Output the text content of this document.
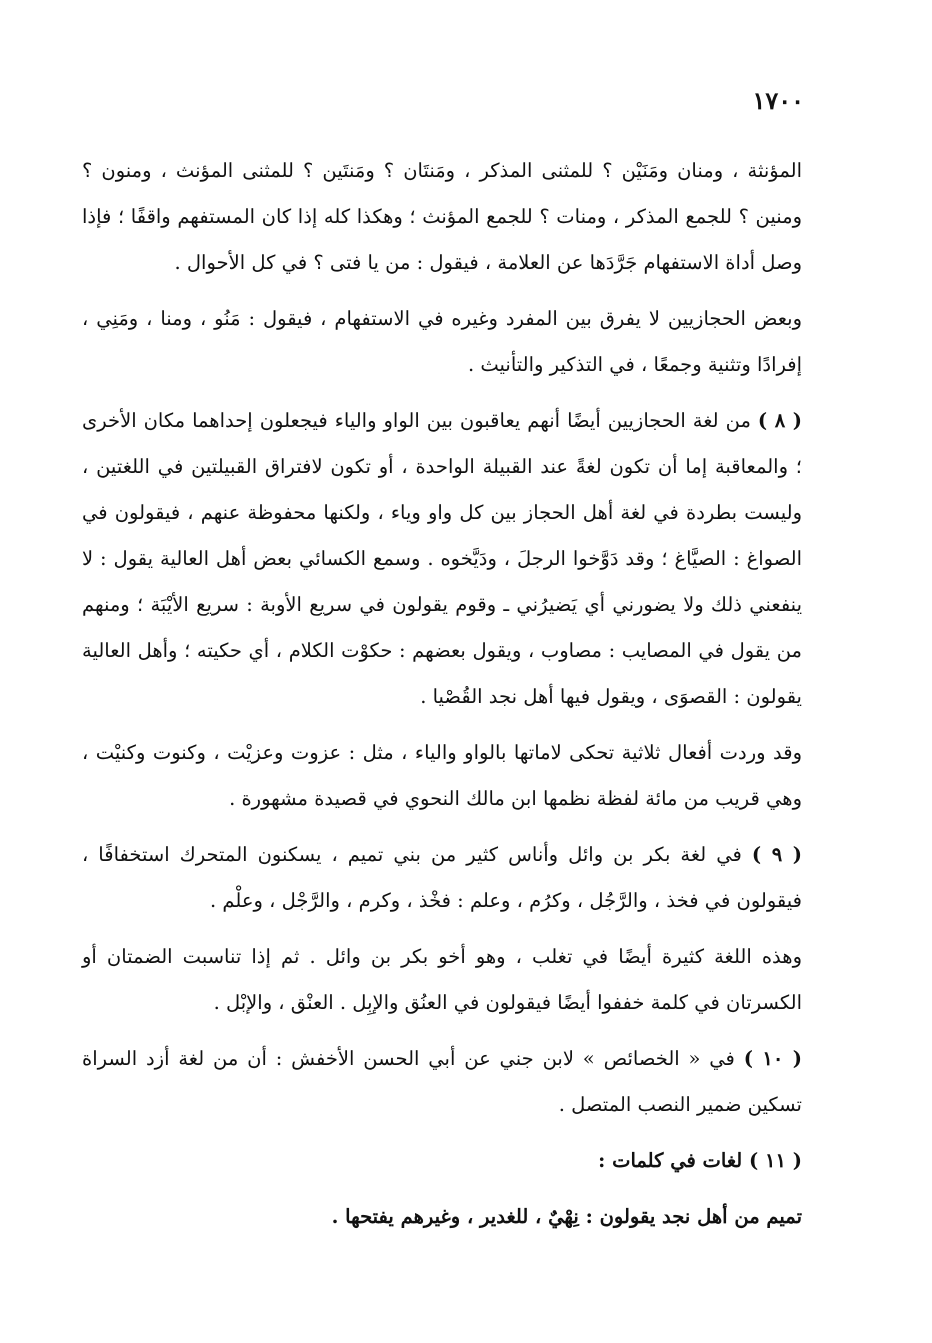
١٧٠٠

المؤنثة ، ومنان ومَنَيْن ؟ للمثنى المذكر ، ومَنتَان ؟ ومَنتَين ؟ للمثنى المؤنث ، ومنون ؟ ومنين ؟ للجمع المذكر ، ومنات ؟ للجمع المؤنث ؛ وهكذا كله إذا كان المستفهم واقفًا ؛ فإذا وصل أداة الاستفهام جَرَّدَها عن العلامة ، فيقول : من يا فتى ؟ في كل الأحوال .

وبعض الحجازيين لا يفرق بين المفرد وغيره في الاستفهام ، فيقول : مَنُو ، ومنا ، ومَنِي ، إفرادًا وتثنية وجمعًا ، في التذكير والتأنيث .

( ٨ ) من لغة الحجازيين أيضًا أنهم يعاقبون بين الواو والياء فيجعلون إحداهما مكان الأخرى ؛ والمعاقبة إما أن تكون لغةً عند القبيلة الواحدة ، أو تكون لافتراق القبيلتين في اللغتين ، وليست بطردة في لغة أهل الحجاز بين كل واو وياء ، ولكنها محفوظة عنهم ، فيقولون في الصواغ : الصيَّاغ ؛ وقد دَوَّخوا الرجلَ ، ودَيَّخوه . وسمع الكسائي بعض أهل العالية يقول : لا ينفعني ذلك ولا يضورني أي يَضيرُني ـ وقوم يقولون في سريع الأوبة : سريع الأيْبَة ؛ ومنهم من يقول في المصايب : مصاوب ، ويقول بعضهم : حكوْت الكلام ، أي حكيته ؛ وأهل العالية يقولون : القصوَى ، ويقول فيها أهل نجد القُصْيا .

وقد وردت أفعال ثلاثية تحكى لاماتها بالواو والياء ، مثل : عزوت وعزيْت ، وكنوت وكنيْت ، وهي قريب من مائة لفظة نظمها ابن مالك النحوي في قصيدة مشهورة .

( ٩ ) في لغة بكر بن وائل وأناس كثير من بني تميم ، يسكنون المتحرك استخفافًا ، فيقولون في فخذ ، والرَّجُل ، وكرُم ، وعلم : فخْذ ، وكرم ، والرَّجْل ، وعلْم .

وهذه اللغة كثيرة أيضًا في تغلب ، وهو أخو بكر بن وائل . ثم إذا تناسبت الضمتان أو الكسرتان في كلمة خففوا أيضًا فيقولون في العنُق والإبِل . العنْق ، والإبْل .

( ١٠ ) في « الخصائص » لابن جني عن أبي الحسن الأخفش : أن من لغة أزد السراة تسكين ضمير النصب المتصل .

( ١١ ) لغات في كلمات :

تميم من أهل نجد يقولون : نِهْيٌ ، للغدير ، وغيرهم يفتحها .
